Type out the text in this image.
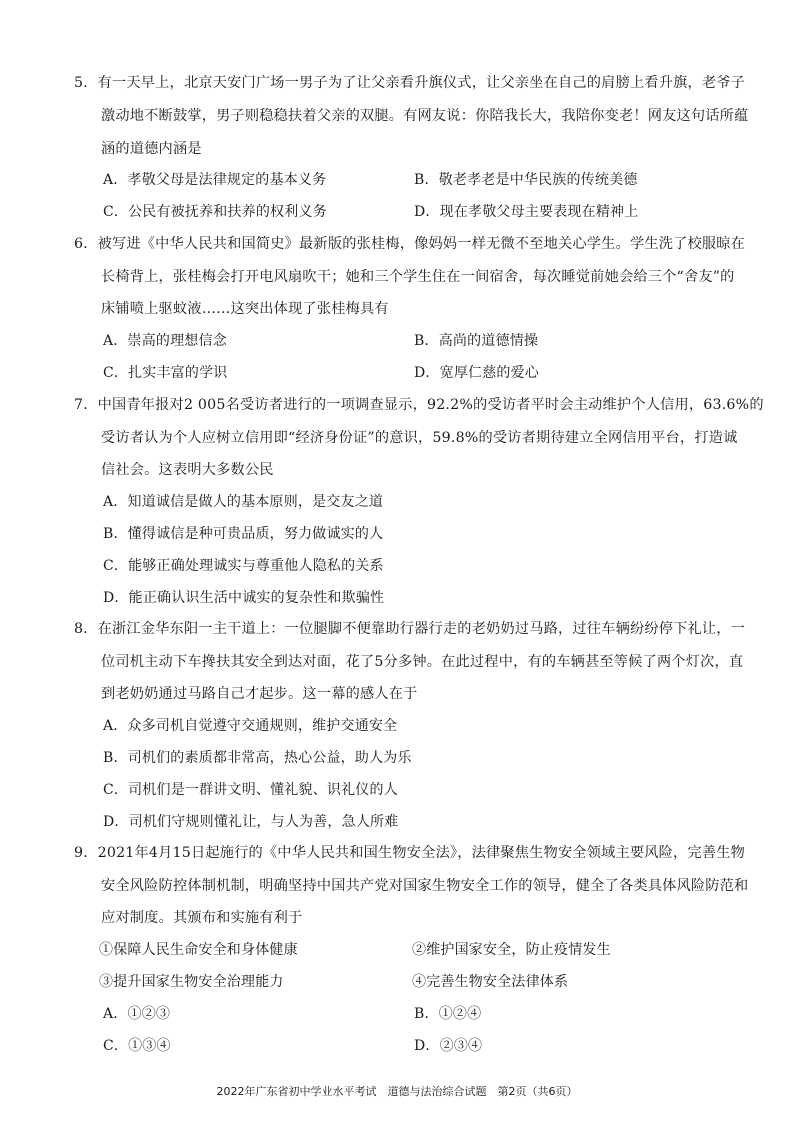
5．有一天早上，北京天安门广场一男子为了让父亲看升旗仪式，让父亲坐在自己的肩膀上看升旗，老爷子
激动地不断鼓掌，男子则稳稳扶着父亲的双腿。有网友说：你陪我长大，我陪你变老！网友这句话所蕴
涵的道德内涵是
A．孝敬父母是法律规定的基本义务	B．敬老孝老是中华民族的传统美德
C．公民有被抚养和扶养的权利义务	D．现在孝敬父母主要表现在精神上
6．被写进《中华人民共和国简史》最新版的张桂梅，像妈妈一样无微不至地关心学生。学生洗了校服晾在
长椅背上，张桂梅会打开电风扇吹干；她和三个学生住在一间宿舍，每次睡觉前她会给三个“舍友”的
床铺喷上驱蚊液……这突出体现了张桂梅具有
A．崇高的理想信念	B．高尚的道德情操
C．扎实丰富的学识	D．宽厚仁慈的爱心
7．中国青年报对2 005名受访者进行的一项调查显示，92.2%的受访者平时会主动维护个人信用，63.6%的
受访者认为个人应树立信用即“经济身份证”的意识，59.8%的受访者期待建立全网信用平台，打造诚
信社会。这表明大多数公民
A．知道诚信是做人的基本原则，是交友之道
B．懂得诚信是种可贵品质，努力做诚实的人
C．能够正确处理诚实与尊重他人隐私的关系
D．能正确认识生活中诚实的复杂性和欺骗性
8．在浙江金华东阳一主干道上：一位腿脚不便靠助行器行走的老奶奶过马路，过往车辆纷纷停下礼让，一
位司机主动下车搀扶其安全到达对面，花了5分多钟。在此过程中，有的车辆甚至等候了两个灯次，直
到老奶奶通过马路自己才起步。这一幕的感人在于
A．众多司机自觉遵守交通规则，维护交通安全
B．司机们的素质都非常高，热心公益，助人为乐
C．司机们是一群讲文明、懂礼貌、识礼仪的人
D．司机们守规则懂礼让，与人为善，急人所难
9．2021年4月15日起施行的《中华人民共和国生物安全法》，法律聚焦生物安全领域主要风险，完善生物
安全风险防控体制机制，明确坚持中国共产党对国家生物安全工作的领导，健全了各类具体风险防范和
应对制度。其颁布和实施有利于
①保障人民生命安全和身体健康	②维护国家安全，防止疫情发生
③提升国家生物安全治理能力	④完善生物安全法律体系
A．①②③	B．①②④
C．①③④	D．②③④
2022年广东省初中学业水平考试　道德与法治综合试题　第2页（共6页）
